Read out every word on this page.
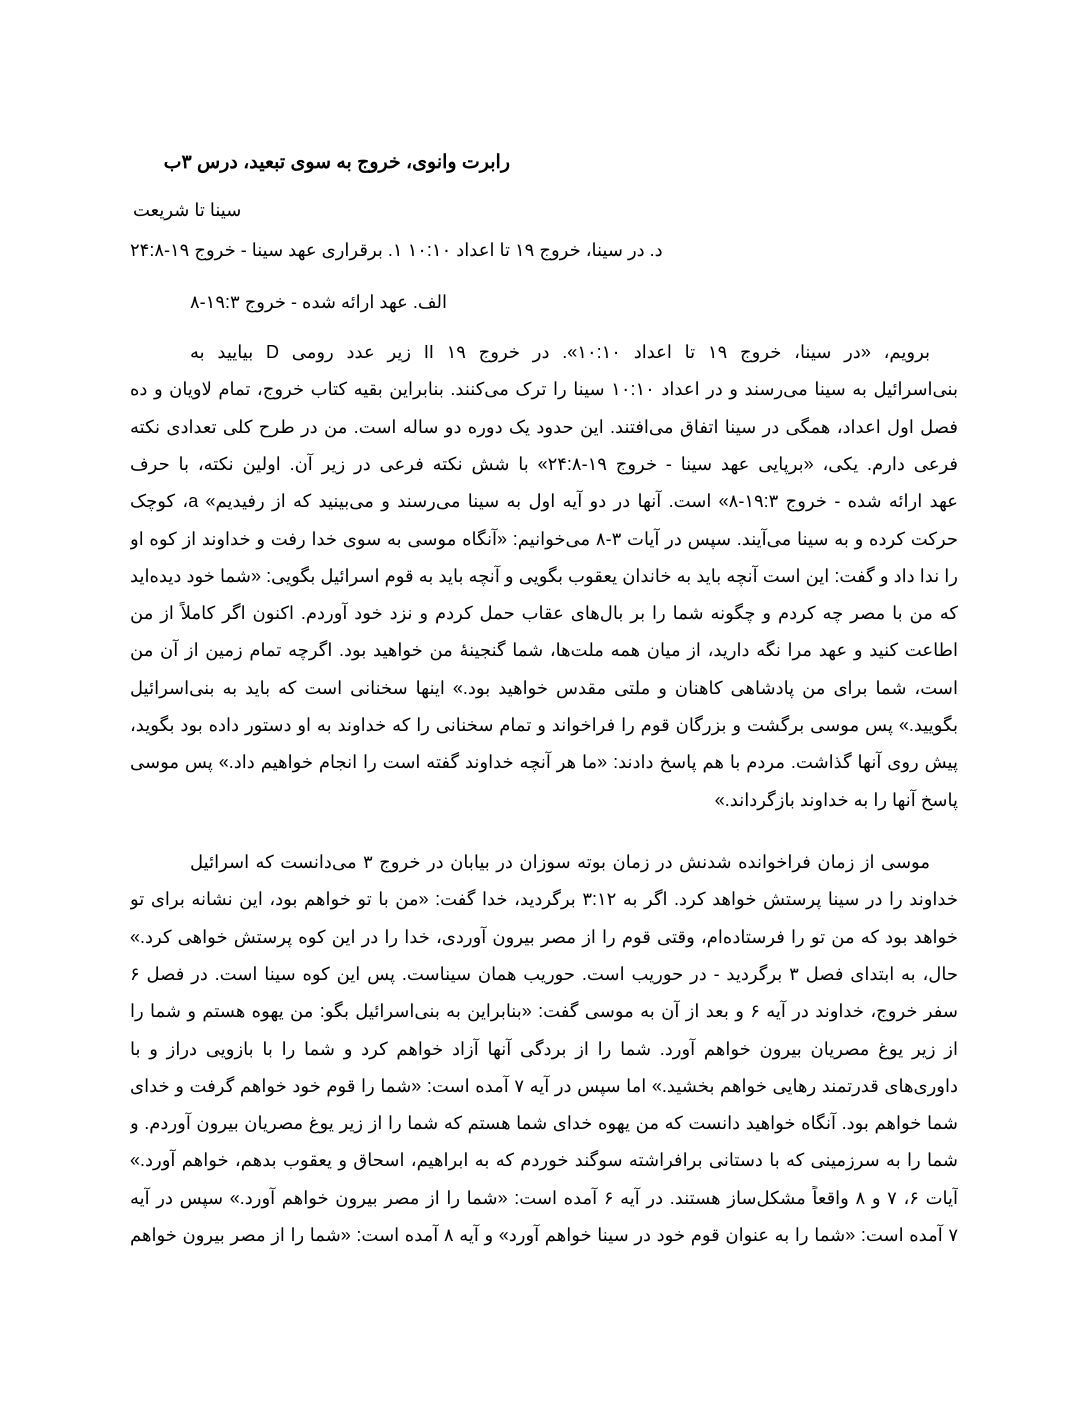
رابرت وانوی، خروج به سوی تبعید، درس ۳ب
سینا تا شریعت
د. در سینا، خروج ۱۹ تا اعداد ۱۰:۱۰ ۱. برقراری عهد سینا - خروج ۱۹-۲۴:۸
الف. عهد ارائه شده - خروج ۱۹:۳-۸
برویم، «در سینا، خروج ۱۹ تا اعداد ۱۰:۱۰». در خروج ۱۹ II زیر عدد رومی D بیایید به
بنی‌اسرائیل به سینا می‌رسند و در اعداد ۱۰:۱۰ سینا را ترک می‌کنند. بنابراین بقیه کتاب خروج، تمام لاویان و ده
فصل اول اعداد، همگی در سینا اتفاق می‌افتند. این حدود یک دوره دو ساله است. من در طرح کلی تعدادی نکته
فرعی دارم. یکی، «برپایی عهد سینا - خروج ۱۹-۲۴:۸» با شش نکته فرعی در زیر آن. اولین نکته، با حرف
عهد ارائه شده - خروج ۱۹:۳-۸» است. آنها در دو آیه اول به سینا می‌رسند و می‌بینید که از رفیدیم» a، کوچک
حرکت کرده و به سینا می‌آیند. سپس در آیات ۳-۸ می‌خوانیم: «آنگاه موسی به سوی خدا رفت و خداوند از کوه او
را ندا داد و گفت: این است آنچه باید به خاندان یعقوب بگویی و آنچه باید به قوم اسرائیل بگویی: «شما خود دیده‌اید
که من با مصر چه کردم و چگونه شما را بر بال‌های عقاب حمل کردم و نزد خود آوردم. اکنون اگر کاملاً از من
اطاعت کنید و عهد مرا نگه دارید، از میان همه ملت‌ها، شما گنجینهٔ من خواهید بود. اگرچه تمام زمین از آن من
است، شما برای من پادشاهی کاهنان و ملتی مقدس خواهید بود.» اینها سخنانی است که باید به بنی‌اسرائیل
بگویید.» پس موسی برگشت و بزرگان قوم را فراخواند و تمام سخنانی را که خداوند به او دستور داده بود بگوید،
پیش روی آنها گذاشت. مردم با هم پاسخ دادند: «ما هر آنچه خداوند گفته است را انجام خواهیم داد.» پس موسی
پاسخ آنها را به خداوند بازگرداند.»
موسی از زمان فراخوانده شدنش در زمان بوته سوزان در بیابان در خروج ۳ می‌دانست که اسرائیل
خداوند را در سینا پرستش خواهد کرد. اگر به ۳:۱۲ برگردید، خدا گفت: «من با تو خواهم بود، این نشانه برای تو
خواهد بود که من تو را فرستاده‌ام، وقتی قوم را از مصر بیرون آوردی، خدا را در این کوه پرستش خواهی کرد.»
حال، به ابتدای فصل ۳ برگردید - در حوریب است. حوریب همان سیناست. پس این کوه سینا است. در فصل ۶
سفر خروج، خداوند در آیه ۶ و بعد از آن به موسی گفت: «بنابراین به بنی‌اسرائیل بگو: من یهوه هستم و شما را
از زیر یوغ مصریان بیرون خواهم آورد. شما را از بردگی آنها آزاد خواهم کرد و شما را با بازویی دراز و با
داوری‌های قدرتمند رهایی خواهم بخشید.» اما سپس در آیه ۷ آمده است: «شما را قوم خود خواهم گرفت و خدای
شما خواهم بود. آنگاه خواهید دانست که من یهوه خدای شما هستم که شما را از زیر یوغ مصریان بیرون آوردم. و
شما را به سرزمینی که با دستانی برافراشته سوگند خوردم که به ابراهیم، اسحاق و یعقوب بدهم، خواهم آورد.»
آیات ۶، ۷ و ۸ واقعاً مشکل‌ساز هستند. در آیه ۶ آمده است: «شما را از مصر بیرون خواهم آورد.» سپس در آیه
۷ آمده است: «شما را به عنوان قوم خود در سینا خواهم آورد» و آیه ۸ آمده است: «شما را از مصر بیرون خواهم
